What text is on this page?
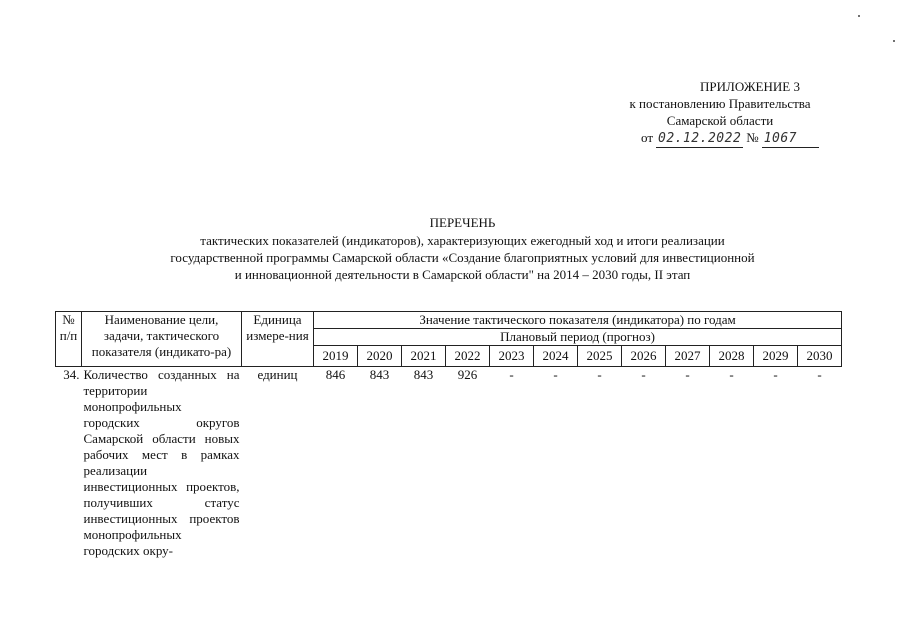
ПРИЛОЖЕНИЕ 3
к постановлению Правительства
Самарской области
от 02.12.2022 № 1067
ПЕРЕЧЕНЬ
тактических показателей (индикаторов), характеризующих ежегодный ход и итоги реализации
государственной программы Самарской области «Создание благоприятных условий для инвестиционной
и инновационной деятельности в Самарской области" на 2014 – 2030 годы, II этап
№ п/п	Наименование цели, задачи, тактического показателя (индикато-ра)	Единица измере-ния	Значение тактического показателя (индикатора) по годам											
			Плановый период (прогноз)											
			2019	2020	2021	2022	2023	2024	2025	2026	2027	2028	2029	2030
34.	Количество созданных на территории монопрофильных городских округов Самарской области новых рабочих мест в рамках реализации инвестиционных проектов, получивших статус инвестиционных проектов монопрофильных городских окру-	единиц	846	843	843	926	-	-	-	-	-	-	-	-
